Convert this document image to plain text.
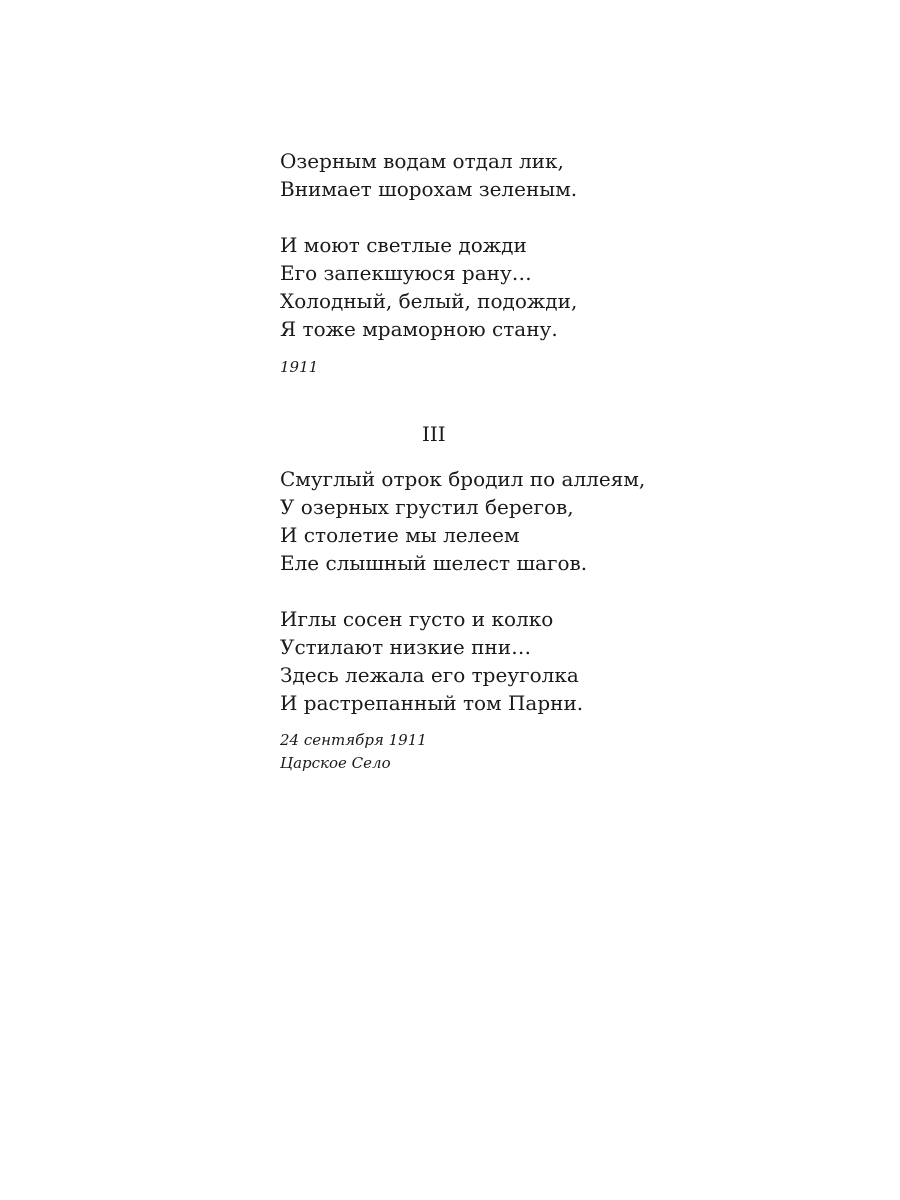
Озерным водам отдал лик,
Внимает шорохам зеленым.
И моют светлые дожди
Его запекшуюся рану…
Холодный, белый, подожди,
Я тоже мраморною стану.
1911
III
Смуглый отрок бродил по аллеям,
У озерных грустил берегов,
И столетие мы лелеем
Еле слышный шелест шагов.
Иглы сосен густо и колко
Устилают низкие пни…
Здесь лежала его треуголка
И растрепанный том Парни.
24 сентября 1911
Царское Село
